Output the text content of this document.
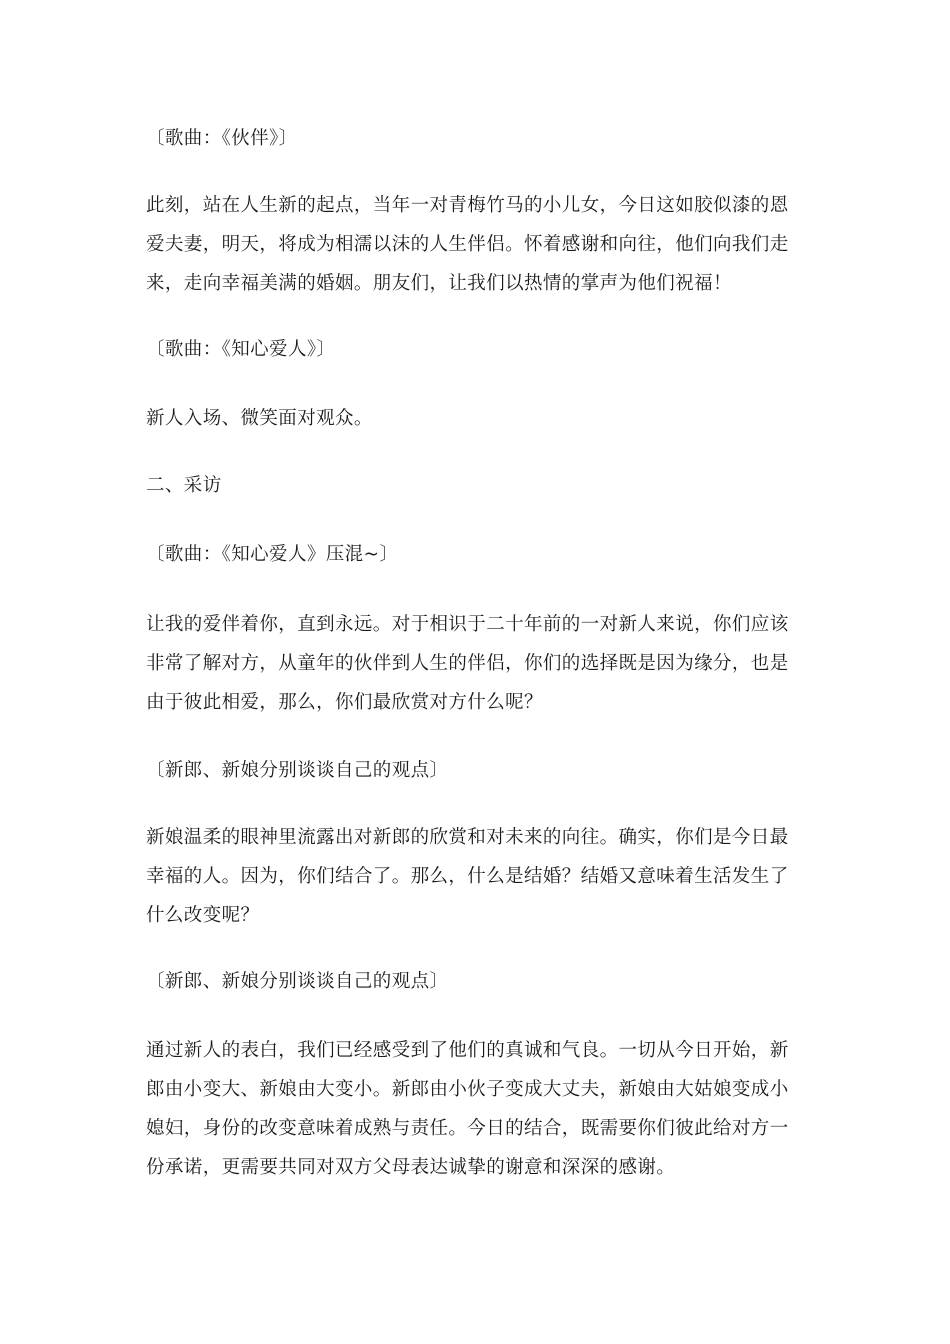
〔歌曲：《伙伴》〕
此刻，站在人生新的起点，当年一对青梅竹马的小儿女，今日这如胶似漆的恩
爱夫妻，明天，将成为相濡以沫的人生伴侣。怀着感谢和向往，他们向我们走
来，走向幸福美满的婚姻。朋友们，让我们以热情的掌声为他们祝福！
〔歌曲：《知心爱人》〕
新人入场、微笑面对观众。
二、采访
〔歌曲：《知心爱人》压混~〕
让我的爱伴着你，直到永远。对于相识于二十年前的一对新人来说，你们应该
非常了解对方，从童年的伙伴到人生的伴侣，你们的选择既是因为缘分，也是
由于彼此相爱，那么，你们最欣赏对方什么呢？
〔新郎、新娘分别谈谈自己的观点〕
新娘温柔的眼神里流露出对新郎的欣赏和对未来的向往。确实，你们是今日最
幸福的人。因为，你们结合了。那么，什么是结婚？结婚又意味着生活发生了
什么改变呢？
〔新郎、新娘分别谈谈自己的观点〕
通过新人的表白，我们已经感受到了他们的真诚和气良。一切从今日开始，新
郎由小变大、新娘由大变小。新郎由小伙子变成大丈夫，新娘由大姑娘变成小
媳妇，身份的改变意味着成熟与责任。今日的结合，既需要你们彼此给对方一
份承诺，更需要共同对双方父母表达诚挚的谢意和深深的感谢。
